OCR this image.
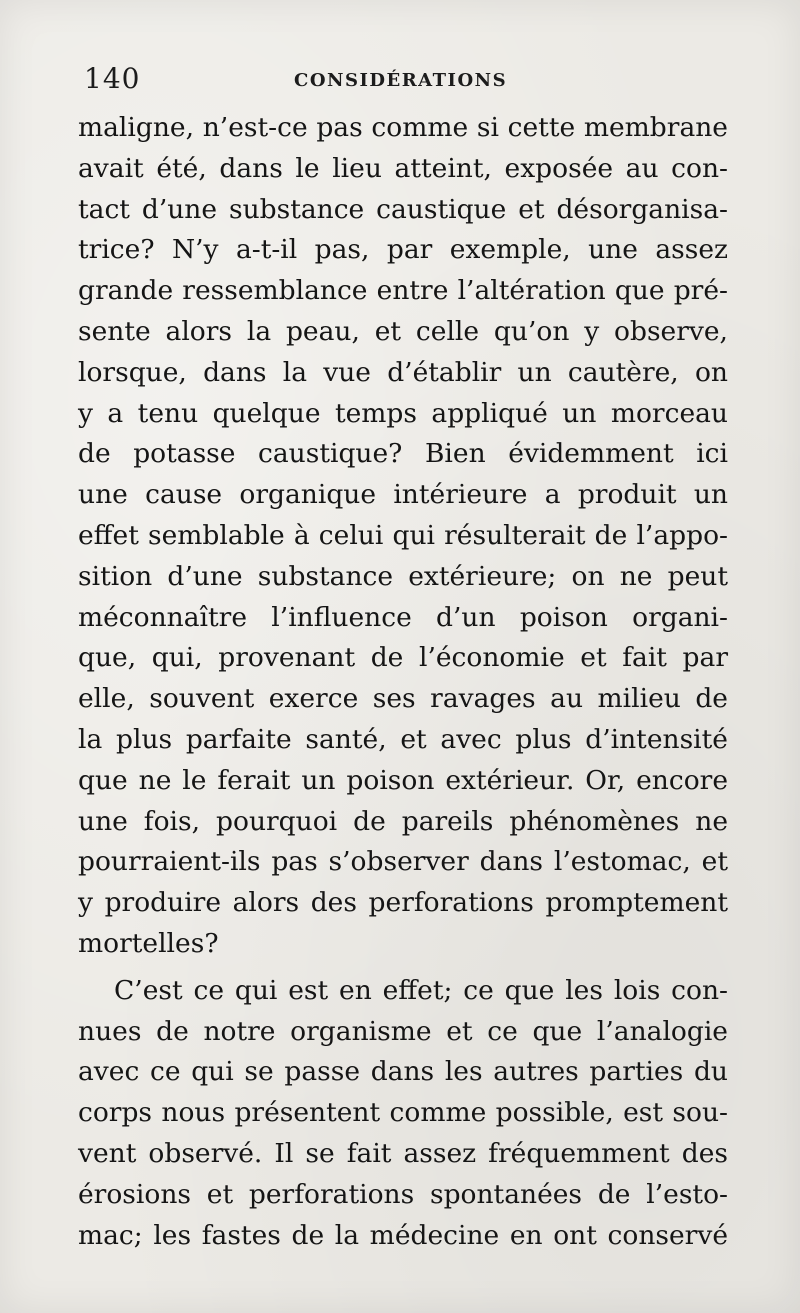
140	CONSIDÉRATIONS
maligne, n’est-ce pas comme si cette membrane
avait été, dans le lieu atteint, exposée au con-
tact d’une substance caustique et désorganisa-
trice? N’y a-t-il pas, par exemple, une assez
grande ressemblance entre l’altération que pré-
sente alors la peau, et celle qu’on y observe,
lorsque, dans la vue d’établir un cautère, on
y a tenu quelque temps appliqué un morceau
de potasse caustique? Bien évidemment ici
une cause organique intérieure a produit un
effet semblable à celui qui résulterait de l’appo-
sition d’une substance extérieure; on ne peut
méconnaître l’influence d’un poison organi-
que, qui, provenant de l’économie et fait par
elle, souvent exerce ses ravages au milieu de
la plus parfaite santé, et avec plus d’intensité
que ne le ferait un poison extérieur. Or, encore
une fois, pourquoi de pareils phénomènes ne
pourraient-ils pas s’observer dans l’estomac, et
y produire alors des perforations promptement
mortelles?
C’est ce qui est en effet; ce que les lois con-
nues de notre organisme et ce que l’analogie
avec ce qui se passe dans les autres parties du
corps nous présentent comme possible, est sou-
vent observé. Il se fait assez fréquemment des
érosions et perforations spontanées de l’esto-
mac; les fastes de la médecine en ont conservé
